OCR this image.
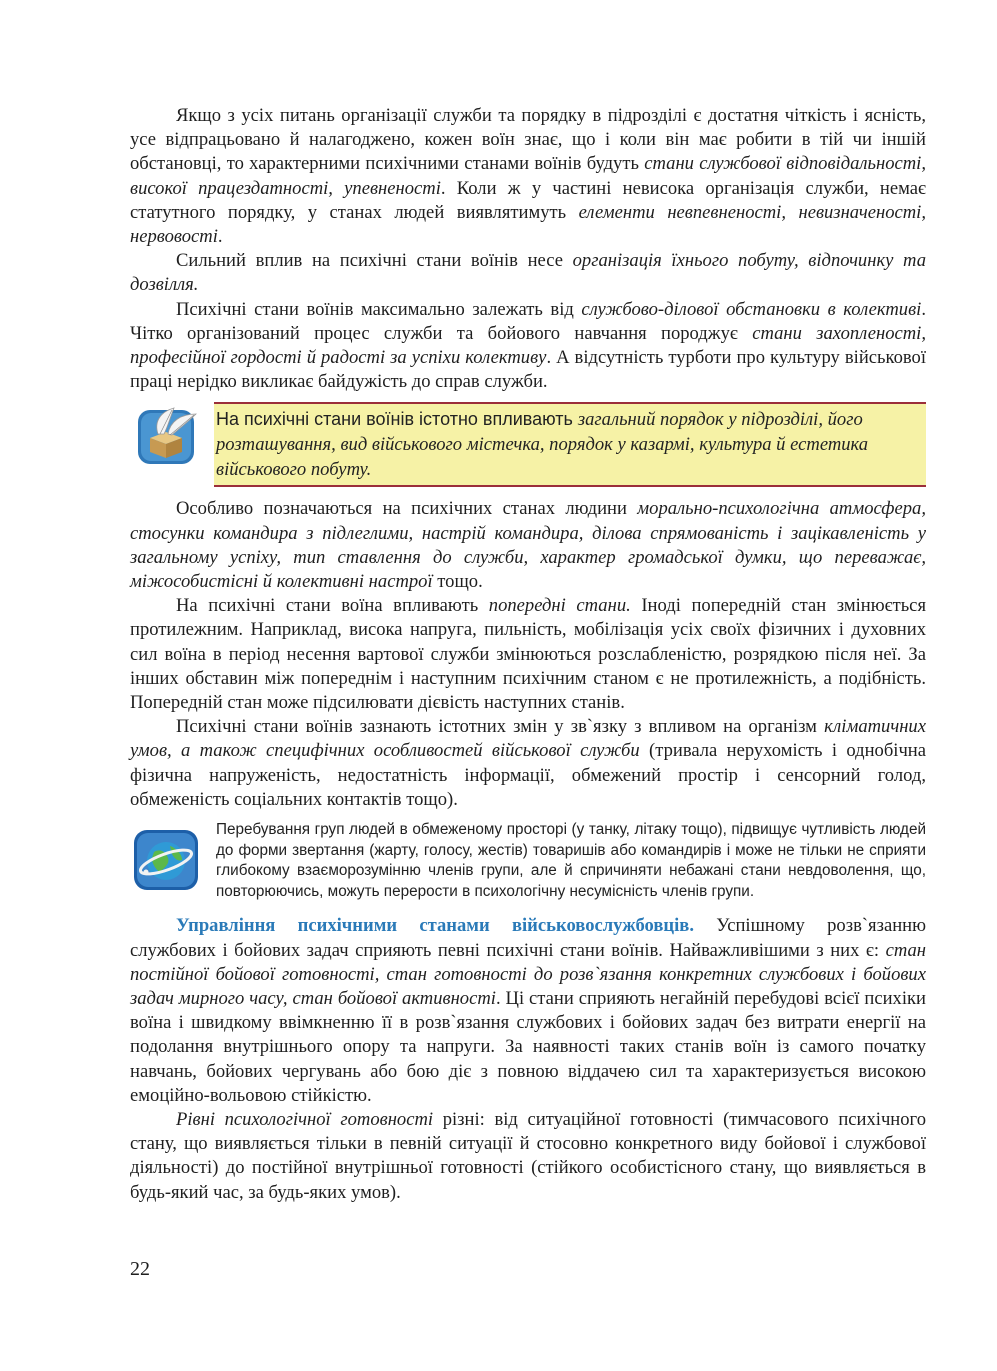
Якщо з усіх питань організації служби та порядку в підрозділі є достатня чіткість і ясність, усе відпрацьовано й налагоджено, кожен воїн знає, що і коли він має робити в тій чи іншій обстановці, то характерними психічними станами воїнів будуть стани службової відповідальності, високої працездатності, упевненості. Коли ж у частині невисока організація служби, немає статутного порядку, у станах людей виявлятимуть елементи невпевненості, невизначеності, нервовості.

Сильний вплив на психічні стани воїнів несе організація їхнього побуту, відпочинку та дозвілля.

Психічні стани воїнів максимально залежать від службово-ділової обстановки в колективі. Чітко організований процес служби та бойового навчання породжує стани захопленості, професійної гордості й радості за успіхи колективу. А відсутність турботи про культуру військової праці нерідко викликає байдужість до справ служби.

На психічні стани воїнів істотно впливають загальний порядок у підрозділі, його розташування, вид військового містечка, порядок у казармі, культура й естетика військового побуту.

Особливо позначаються на психічних станах людини морально-психологічна атмосфера, стосунки командира з підлеглими, настрій командира, ділова спрямованість і зацікавленість у загальному успіху, тип ставлення до служби, характер громадської думки, що переважає, міжособистісні й колективні настрої тощо.

На психічні стани воїна впливають попередні стани. Іноді попередній стан змінюється протилежним. Наприклад, висока напруга, пильність, мобілізація усіх своїх фізичних і духовних сил воїна в період несення вартової служби змінюються розслабленістю, розрядкою після неї. За інших обставин між попереднім і наступним психічним станом є не протилежність, а подібність. Попередній стан може підсилювати дієвість наступних станів.

Психічні стани воїнів зазнають істотних змін у зв`язку з впливом на організм кліматичних умов, а також специфічних особливостей військової служби (тривала нерухомість і однобічна фізична напруженість, недостатність інформації, обмежений простір і сенсорний голод, обмеженість соціальних контактів тощо).

Перебування груп людей в обмеженому просторі (у танку, літаку тощо), підвищує чутливість людей до форми звертання (жарту, голосу, жестів) товаришів або командирів і може не тільки не сприяти глибокому взаєморозумінню членів групи, але й спричиняти небажані стани невдоволення, що, повторюючись, можуть перерости в психологічну несумісність членів групи.

Управління психічними станами військовослужбовців. Успішному розв`язанню службових і бойових задач сприяють певні психічні стани воїнів. Найважливішими з них є: стан постійної бойової готовності, стан готовності до розв`язання конкретних службових і бойових задач мирного часу, стан бойової активності. Ці стани сприяють негайній перебудові всієї психіки воїна і швидкому ввімкненню її в розв`язання службових і бойових задач без витрати енергії на подолання внутрішнього опору та напруги. За наявності таких станів воїн із самого початку навчань, бойових чергувань або бою діє з повною віддачею сил та характеризується високою емоційно-вольовою стійкістю.

Рівні психологічної готовності різні: від ситуаційної готовності (тимчасового психічного стану, що виявляється тільки в певній ситуації й стосовно конкретного виду бойової і службової діяльності) до постійної внутрішньої готовності (стійкого особистісного стану, що виявляється в будь-який час, за будь-яких умов).

22
